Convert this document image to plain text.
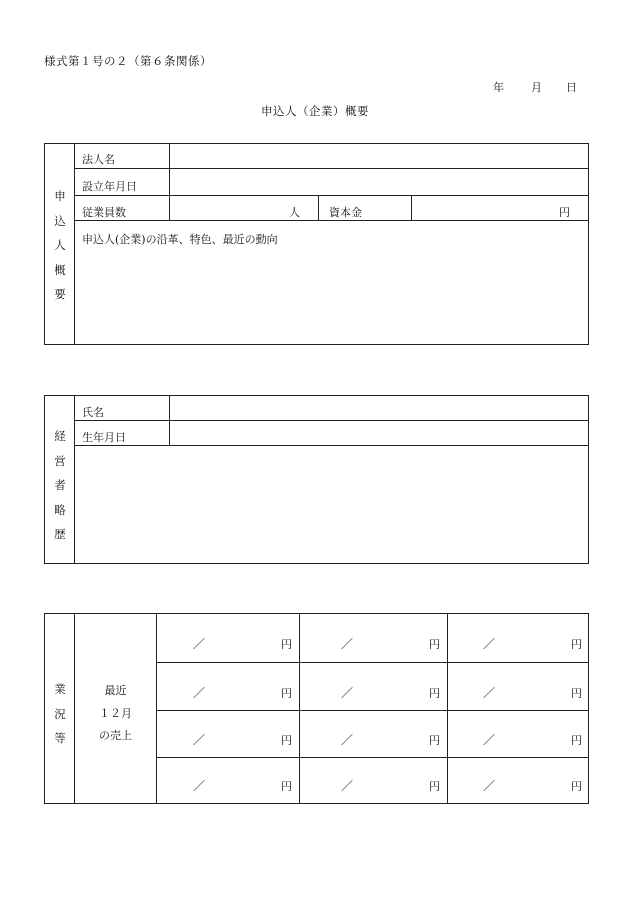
様式第１号の２（第６条関係）
年 月 日
申込人（企業）概要
申
込
人
概
要
法人名
設立年月日
従業員数	人	資本金	円
申込人(企業)の沿革、特色、最近の動向
経
営
者
略
歴
氏名
生年月日
業
況
等
最近
１２月
の売上
／	円	／	円	／	円
／	円	／	円	／	円
／	円	／	円	／	円
／	円	／	円	／	円
